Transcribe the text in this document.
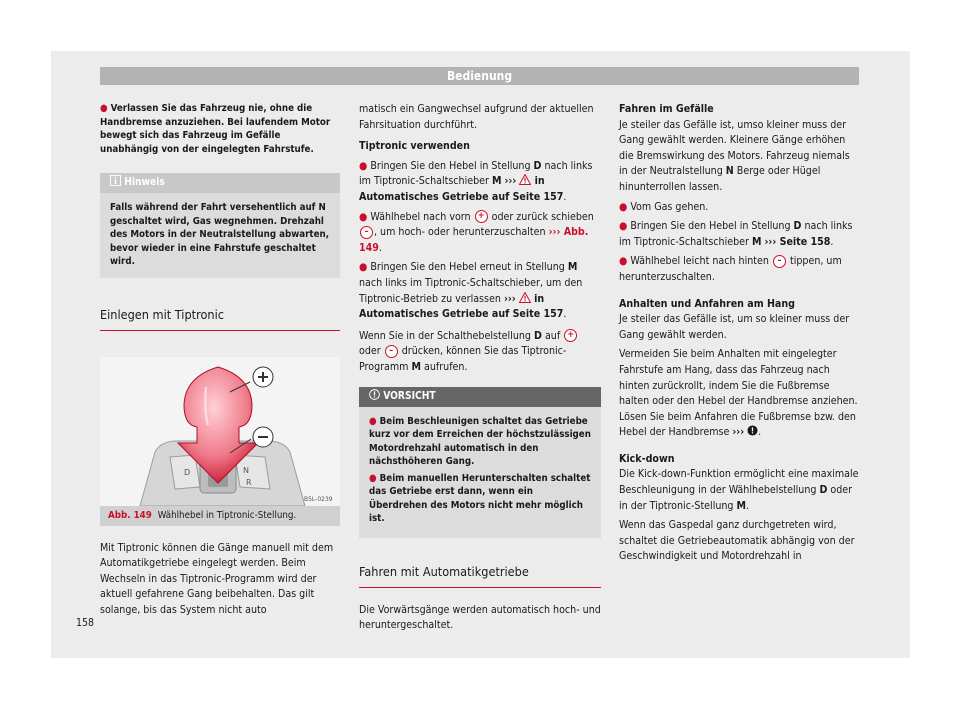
Bedienung

● Verlassen Sie das Fahrzeug nie, ohne die Handbremse anzuziehen. Bei laufendem Motor bewegt sich das Fahrzeug im Gefälle unabhängig von der eingelegten Fahrstufe.

Hinweis
Falls während der Fahrt versehentlich auf N geschaltet wird, Gas wegnehmen. Drehzahl des Motors in der Neutralstellung abwarten, bevor wieder in eine Fahrstufe geschaltet wird.
Einlegen mit Tiptronic
D	N
R
B5L-0239
Abb. 149 Wählhebel in Tiptronic-Stellung.

Mit Tiptronic können die Gänge manuell mit dem Automatikgetriebe eingelegt werden. Beim Wechseln in das Tiptronic-Programm wird der aktuell gefahrene Gang beibehalten. Das gilt solange, bis das System nicht auto

matisch ein Gangwechsel aufgrund der aktuellen Fahrsituation durchführt.

Tiptronic verwenden

● Bringen Sie den Hebel in Stellung D nach links im Tiptronic-Schaltschieber M ›››  in Automatisches Getriebe auf Seite 157.

● Wählhebel nach vorn + oder zurück schieben – , um hoch- oder herunterzuschalten ››› Abb. 149.

● Bringen Sie den Hebel erneut in Stellung M nach links im Tiptronic-Schaltschieber, um den Tiptronic-Betrieb zu verlassen ›››  in Automatisches Getriebe auf Seite 157.

Wenn Sie in der Schalthebelstellung D auf + oder – drücken, können Sie das Tiptronic-Programm M aufrufen.

VORSICHT
● Beim Beschleunigen schaltet das Getriebe kurz vor dem Erreichen der höchstzulässigen Motordrehzahl automatisch in den nächsthöheren Gang.
● Beim manuellen Herunterschalten schaltet das Getriebe erst dann, wenn ein Überdrehen des Motors nicht mehr möglich ist.
Fahren mit Automatikgetriebe

Die Vorwärtsgänge werden automatisch hoch- und heruntergeschaltet.

Fahren im Gefälle

Je steiler das Gefälle ist, umso kleiner muss der Gang gewählt werden. Kleinere Gänge erhöhen die Bremswirkung des Motors. Fahrzeug niemals in der Neutralstellung N Berge oder Hügel hinunterrollen lassen.

● Vom Gas gehen.

● Bringen Sie den Hebel in Stellung D nach links im Tiptronic-Schaltschieber M ››› Seite 158.

● Wählhebel leicht nach hinten – tippen, um herunterzuschalten.

Anhalten und Anfahren am Hang

Je steiler das Gefälle ist, um so kleiner muss der Gang gewählt werden.

Vermeiden Sie beim Anhalten mit eingelegter Fahrstufe am Hang, dass das Fahrzeug nach hinten zurückrollt, indem Sie die Fußbremse halten oder den Hebel der Handbremse anziehen. Lösen Sie beim Anfahren die Fußbremse bzw. den Hebel der Handbremse ››› .

Kick-down

Die Kick-down-Funktion ermöglicht eine maximale Beschleunigung in der Wählhebelstellung D oder in der Tiptronic-Stellung M.

Wenn das Gaspedal ganz durchgetreten wird, schaltet die Getriebeautomatik abhängig von der Geschwindigkeit und Motordrehzahl in

158
